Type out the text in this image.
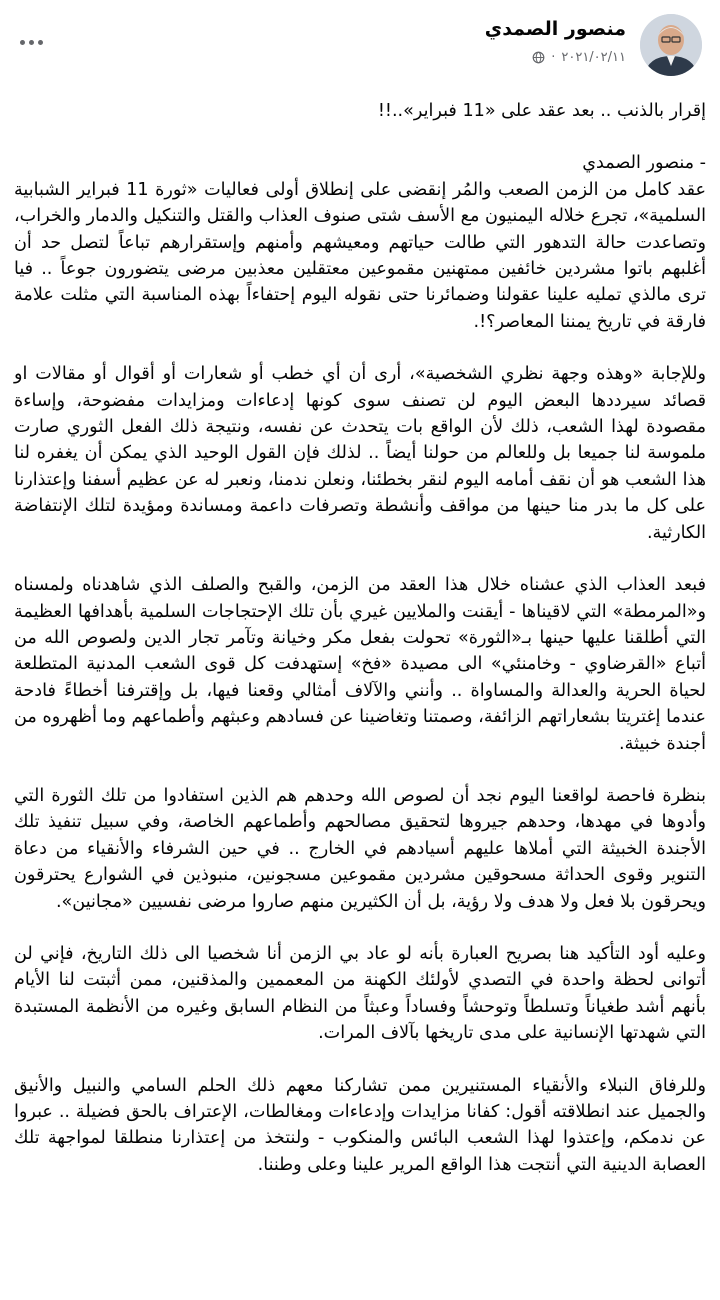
منصور الصمدي
٢٠٢١/٠٢/١١
·

إقرار بالذنب .. بعد عقد على «11 فبراير»..!!

- منصور الصمدي

عقد كامل من الزمن الصعب والمُر إنقضى على إنطلاق أولى فعاليات «ثورة 11 فبراير الشبابية السلمية»، تجرع خلاله اليمنيون مع الأسف شتى صنوف العذاب والقتل والتنكيل والدمار والخراب، وتصاعدت حالة التدهور التي طالت حياتهم ومعيشهم وأمنهم وإستقرارهم تباعاً لتصل حد أن أغلبهم باتوا مشردين خائفين ممتهنين مقموعين معتقلين معذبين مرضى يتضورون جوعاً .. فيا ترى مالذي تمليه علينا عقولنا وضمائرنا حتى نقوله اليوم إحتفاءاً بهذه المناسبة التي مثلت علامة فارقة في تاريخ يمننا المعاصر؟!.

وللإجابة «وهذه وجهة نظري الشخصية»، أرى أن أي خطب أو شعارات أو أقوال أو مقالات او قصائد سيرددها البعض اليوم لن تصنف سوى كونها إدعاءات ومزايدات مفضوحة، وإساءة مقصودة لهذا الشعب، ذلك لأن الواقع بات يتحدث عن نفسه، ونتيجة ذلك الفعل الثوري صارت ملموسة لنا جميعا بل وللعالم من حولنا أيضاً .. لذلك فإن القول الوحيد الذي يمكن أن يغفره لنا هذا الشعب هو أن نقف أمامه اليوم لنقر بخطئنا، ونعلن ندمنا، ونعبر له عن عظيم أسفنا وإعتذارنا على كل ما بدر منا حينها من مواقف وأنشطة وتصرفات داعمة ومساندة ومؤيدة لتلك الإنتفاضة الكارثية.

فبعد العذاب الذي عشناه خلال هذا العقد من الزمن، والقبح والصلف الذي شاهدناه ولمسناه و«المرمطة» التي لاقيناها - أيقنت والملايين غيري بأن تلك الإحتجاجات السلمية بأهدافها العظيمة التي أطلقنا عليها حينها بـ«الثورة» تحولت بفعل مكر وخيانة وتآمر تجار الدين ولصوص الله من أتباع «القرضاوي - وخامنئي» الى مصيدة «فخ» إستهدفت كل قوى الشعب المدنية المتطلعة لحياة الحرية والعدالة والمساواة .. وأنني والآلاف أمثالي وقعنا فيها، بل وإقترفنا أخطاءً فادحة عندما إغتريتا بشعاراتهم الزائفة، وصمتنا وتغاضينا عن فسادهم وعبثهم وأطماعهم وما أظهروه من أجندة خبيثة.

بنظرة فاحصة لواقعنا اليوم نجد أن لصوص الله وحدهم هم الذين استفادوا من تلك الثورة التي وأدوها في مهدها، وحدهم جيروها لتحقيق مصالحهم وأطماعهم الخاصة، وفي سبيل تنفيذ تلك الأجندة الخبيثة التي أملاها عليهم أسيادهم في الخارج .. في حين الشرفاء والأنقياء من دعاة التنوير وقوى الحداثة مسحوقين مشردين مقموعين مسجونين، منبوذين في الشوارع يحترقون ويحرقون بلا فعل ولا هدف ولا رؤية، بل أن الكثيرين منهم صاروا مرضى نفسيين «مجانين».

وعليه أود التأكيد هنا بصريح العبارة بأنه لو عاد بي الزمن أنا شخصيا الى ذلك التاريخ، فإني لن أتوانى لحظة واحدة في التصدي لأولئك الكهنة من المعممين والمذقنين، ممن أثبتت لنا الأيام بأنهم أشد طغياناً وتسلطاً وتوحشاً وفساداً وعبثاً من النظام السابق وغيره من الأنظمة المستبدة التي شهدتها الإنسانية على مدى تاريخها بآلاف المرات.

وللرفاق النبلاء والأنقياء المستنيرين ممن تشاركنا معهم ذلك الحلم السامي والنبيل والأنيق والجميل عند انطلاقته أقول: كفانا مزايدات وإدعاءات ومغالطات، الإعتراف بالحق فضيلة .. عبروا عن ندمكم، وإعتذوا لهذا الشعب البائس والمنكوب - ولنتخذ من إعتذارنا منطلقا لمواجهة تلك العصابة الدينية التي أنتجت هذا الواقع المرير علينا وعلى وطننا.
